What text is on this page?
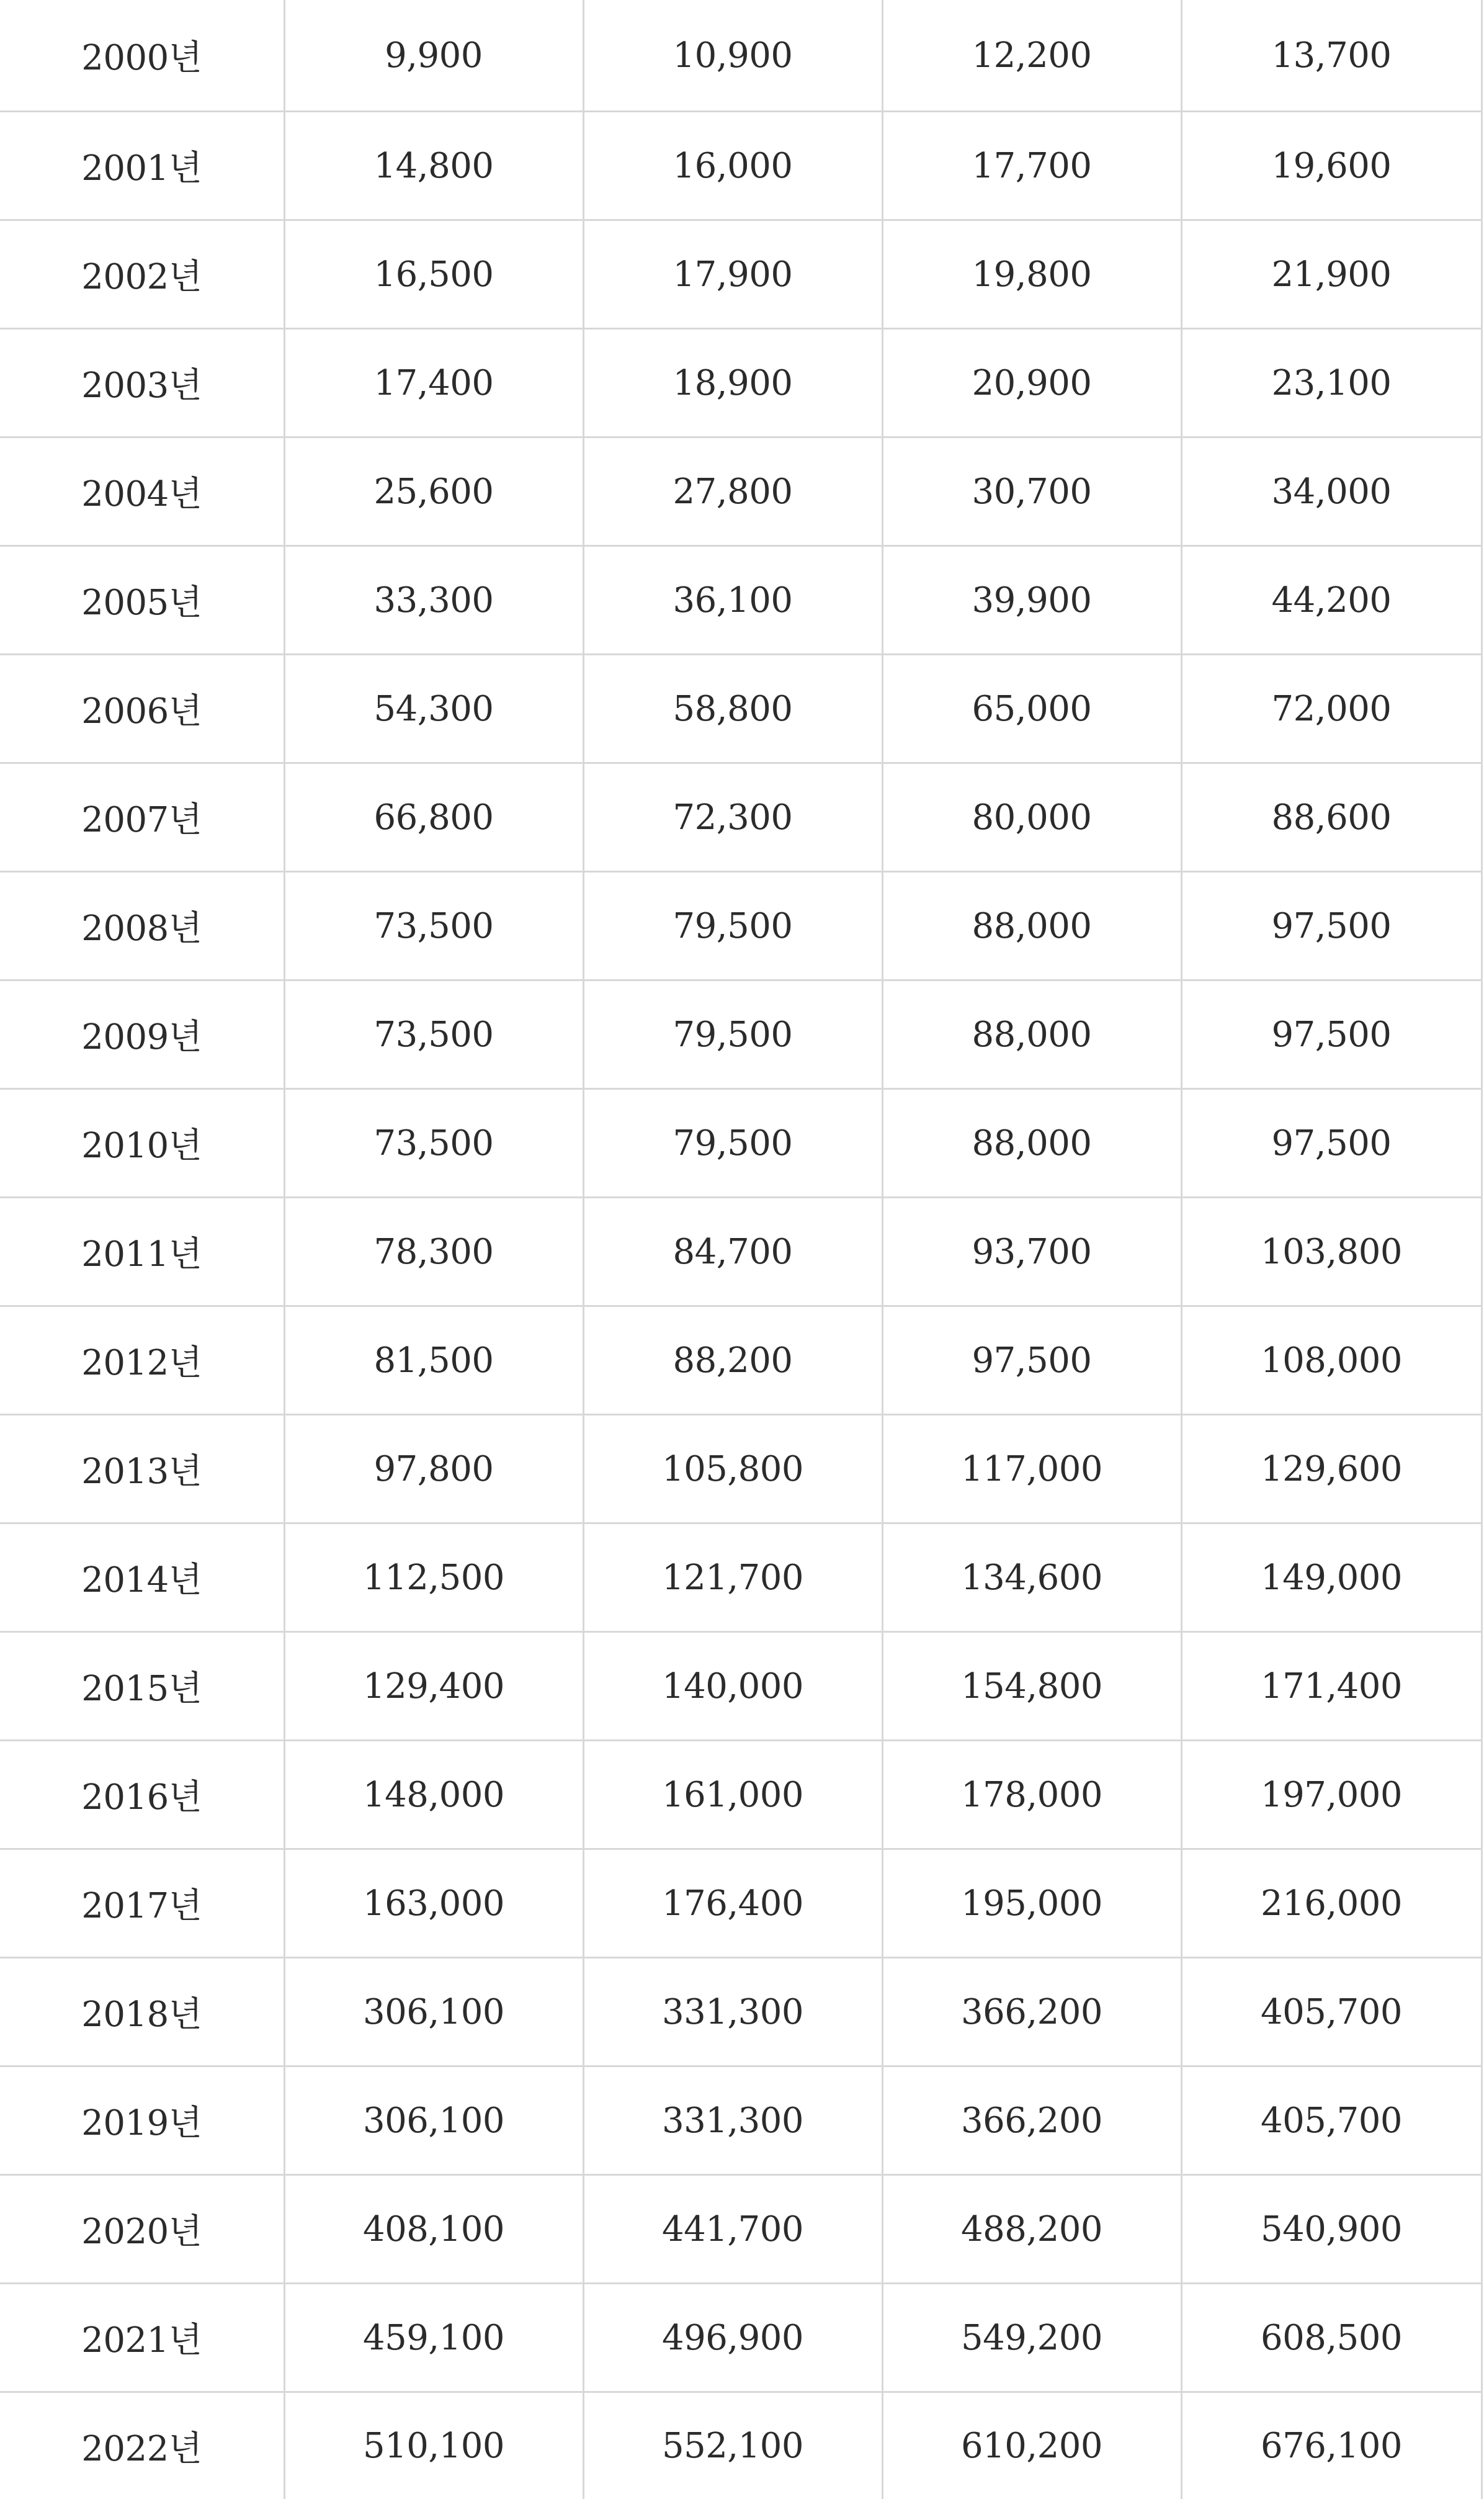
2000년	9,900	10,900	12,200	13,700
2001년	14,800	16,000	17,700	19,600
2002년	16,500	17,900	19,800	21,900
2003년	17,400	18,900	20,900	23,100
2004년	25,600	27,800	30,700	34,000
2005년	33,300	36,100	39,900	44,200
2006년	54,300	58,800	65,000	72,000
2007년	66,800	72,300	80,000	88,600
2008년	73,500	79,500	88,000	97,500
2009년	73,500	79,500	88,000	97,500
2010년	73,500	79,500	88,000	97,500
2011년	78,300	84,700	93,700	103,800
2012년	81,500	88,200	97,500	108,000
2013년	97,800	105,800	117,000	129,600
2014년	112,500	121,700	134,600	149,000
2015년	129,400	140,000	154,800	171,400
2016년	148,000	161,000	178,000	197,000
2017년	163,000	176,400	195,000	216,000
2018년	306,100	331,300	366,200	405,700
2019년	306,100	331,300	366,200	405,700
2020년	408,100	441,700	488,200	540,900
2021년	459,100	496,900	549,200	608,500
2022년	510,100	552,100	610,200	676,100
